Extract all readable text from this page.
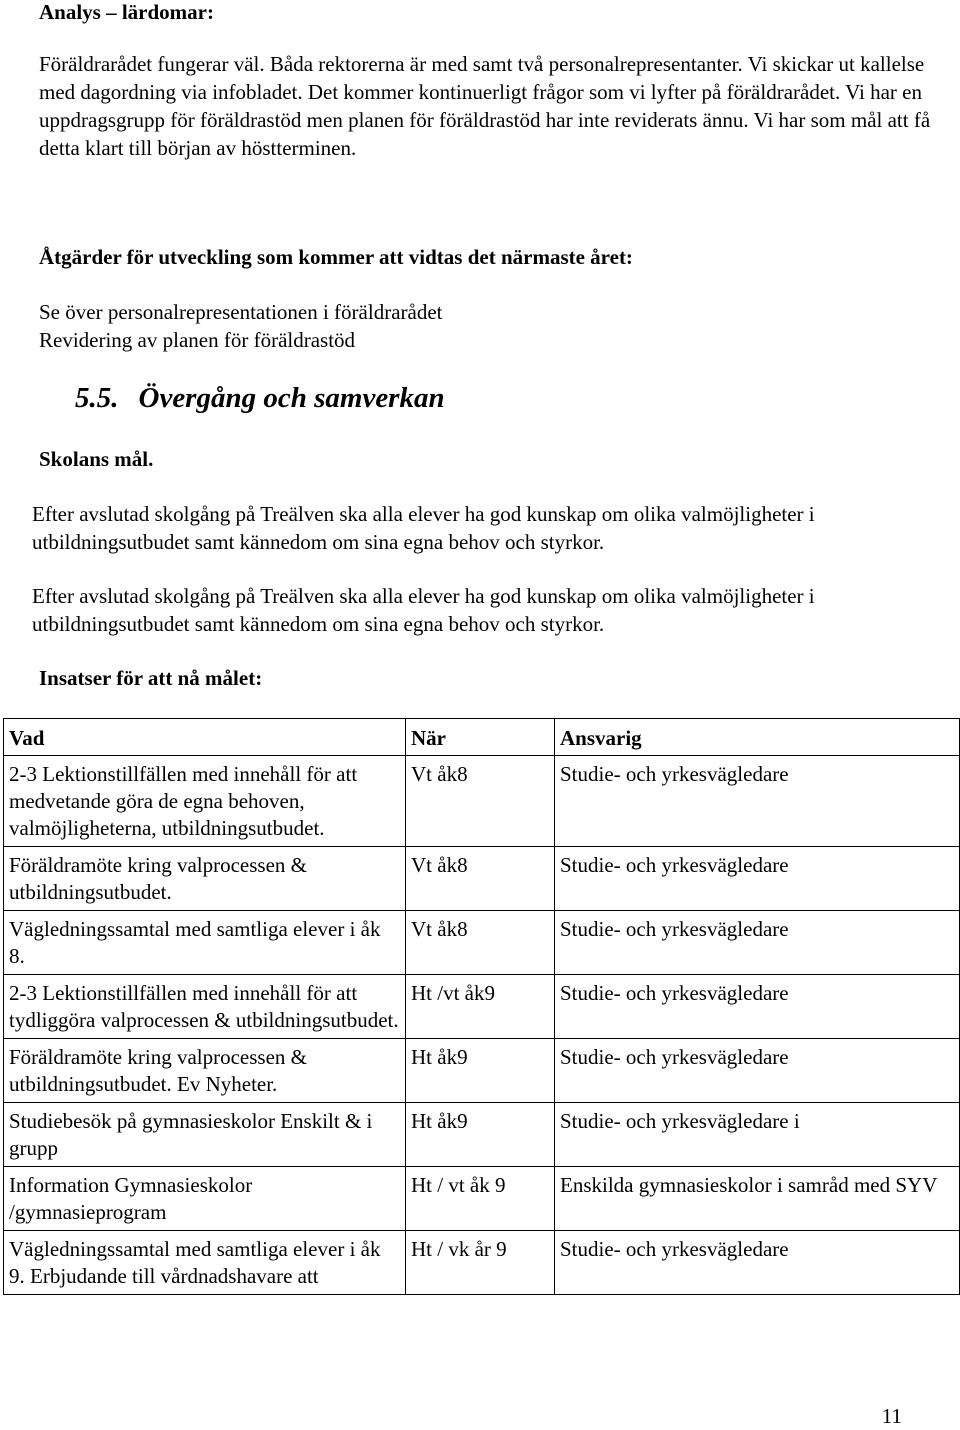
Analys – lärdomar:
Föräldrarådet fungerar väl. Båda rektorerna är med samt två personalrepresentanter. Vi skickar ut kallelse med dagordning via infobladet. Det kommer kontinuerligt frågor som vi lyfter på föräldrarådet. Vi har en uppdragsgrupp för föräldrastöd men planen för föräldrastöd har inte reviderats ännu. Vi har som mål att få detta klart till början av höstterminen.
Åtgärder för utveckling som kommer att vidtas det närmaste året:
Se över personalrepresentationen i föräldrarådet
Revidering av planen för föräldrastöd
5.5. Övergång och samverkan
Skolans mål.
Efter avslutad skolgång på Treälven ska alla elever ha god kunskap om olika valmöjligheter i utbildningsutbudet samt kännedom om sina egna behov och styrkor.
Efter avslutad skolgång på Treälven ska alla elever ha god kunskap om olika valmöjligheter i utbildningsutbudet samt kännedom om sina egna behov och styrkor.
Insatser för att nå målet:
Vad	När	Ansvarig
2-3 Lektionstillfällen med innehåll för att medvetande göra de egna behoven, valmöjligheterna, utbildningsutbudet.	Vt åk8	Studie- och yrkesvägledare
Föräldramöte kring valprocessen & utbildningsutbudet.	Vt åk8	Studie- och yrkesvägledare
Vägledningssamtal med samtliga elever i åk 8.	Vt åk8	Studie- och yrkesvägledare
2-3 Lektionstillfällen med innehåll för att tydliggöra valprocessen & utbildningsutbudet.	Ht /vt åk9	Studie- och yrkesvägledare
Föräldramöte kring valprocessen & utbildningsutbudet. Ev Nyheter.	Ht åk9	Studie- och yrkesvägledare
Studiebesök på gymnasieskolor Enskilt & i grupp	Ht åk9	Studie- och yrkesvägledare i
Information Gymnasieskolor /gymnasieprogram	Ht / vt åk 9	Enskilda gymnasieskolor i samråd med SYV
Vägledningssamtal med samtliga elever i åk 9. Erbjudande till vårdnadshavare att	Ht / vk år 9	Studie- och yrkesvägledare
11
